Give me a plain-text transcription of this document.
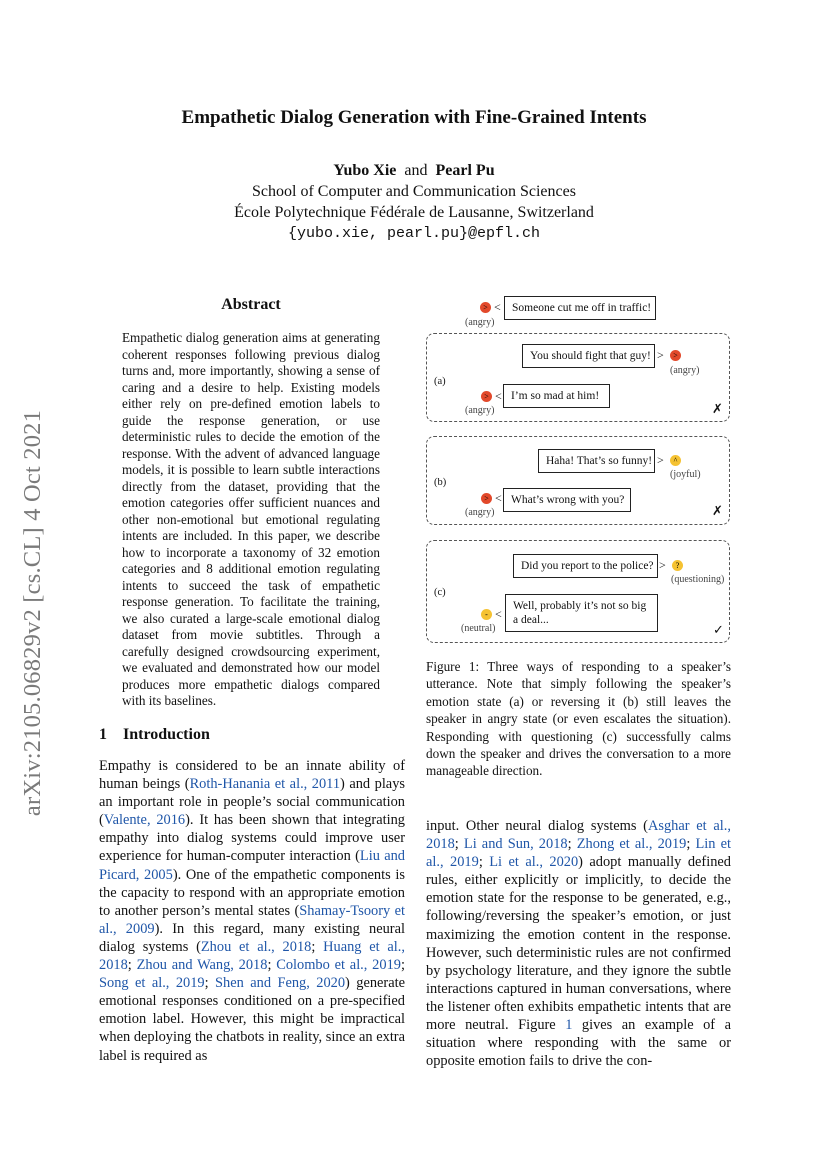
arXiv:2105.06829v2 [cs.CL] 4 Oct 2021
Empathetic Dialog Generation with Fine-Grained Intents
Yubo Xie and Pearl Pu
School of Computer and Communication Sciences
École Polytechnique Fédérale de Lausanne, Switzerland
{yubo.xie, pearl.pu}@epfl.ch
Abstract
Empathetic dialog generation aims at generating coherent responses following previous dialog turns and, more importantly, showing a sense of caring and a desire to help. Existing models either rely on pre-defined emotion labels to guide the response generation, or use deterministic rules to decide the emotion of the response. With the advent of advanced language models, it is possible to learn subtle interactions directly from the dataset, providing that the emotion categories offer sufficient nuances and other non-emotional but emotional regulating intents are included. In this paper, we describe how to incorporate a taxonomy of 32 emotion categories and 8 additional emotion regulating intents to succeed the task of empathetic response generation. To facilitate the training, we also curated a large-scale emotional dialog dataset from movie subtitles. Through a carefully designed crowdsourcing experiment, we evaluated and demonstrated how our model produces more empathetic dialogs compared with its baselines.
1 Introduction
Empathy is considered to be an innate ability of human beings (Roth-Hanania et al., 2011) and plays an important role in people’s social communication (Valente, 2016). It has been shown that integrating empathy into dialog systems could improve user experience for human-computer interaction (Liu and Picard, 2005). One of the empathetic components is the capacity to respond with an appropriate emotion to another person’s mental states (Shamay-Tsoory et al., 2009). In this regard, many existing neural dialog systems (Zhou et al., 2018; Huang et al., 2018; Zhou and Wang, 2018; Colombo et al., 2019; Song et al., 2019; Shen and Feng, 2020) generate emotional responses conditioned on a pre-specified emotion label. However, this might be impractical when deploying the chatbots in reality, since an extra label is required as
input. Other neural dialog systems (Asghar et al., 2018; Li and Sun, 2018; Zhong et al., 2019; Lin et al., 2019; Li et al., 2020) adopt manually defined rules, either explicitly or implicitly, to decide the emotion state for the response to be generated, e.g., following/reversing the speaker’s emotion, or just maximizing the emotion content in the response. However, such deterministic rules are not confirmed by psychology literature, and they ignore the subtle interactions captured in human conversations, where the listener often exhibits empathetic intents that are more neutral. Figure 1 gives an example of a situation where responding with the same or opposite emotion fails to drive the con-
> < Someone cut me off in traffic!
(angry)
(a)
You should fight that guy! >	>
(angry)
> < I’m so mad at him!
(angry)	✗
(b)
Haha! That’s so funny! >	^
(joyful)
> < What’s wrong with you?
(angry)	✗
(c)
Did you report to the police? >	?
(questioning)
- <
Well, probably it’s not so big a deal...
(neutral)	✓
Figure 1: Three ways of responding to a speaker’s utterance. Note that simply following the speaker’s emotion state (a) or reversing it (b) still leaves the speaker in angry state (or even escalates the situation). Responding with questioning (c) successfully calms down the speaker and drives the conversation to a more manageable direction.
